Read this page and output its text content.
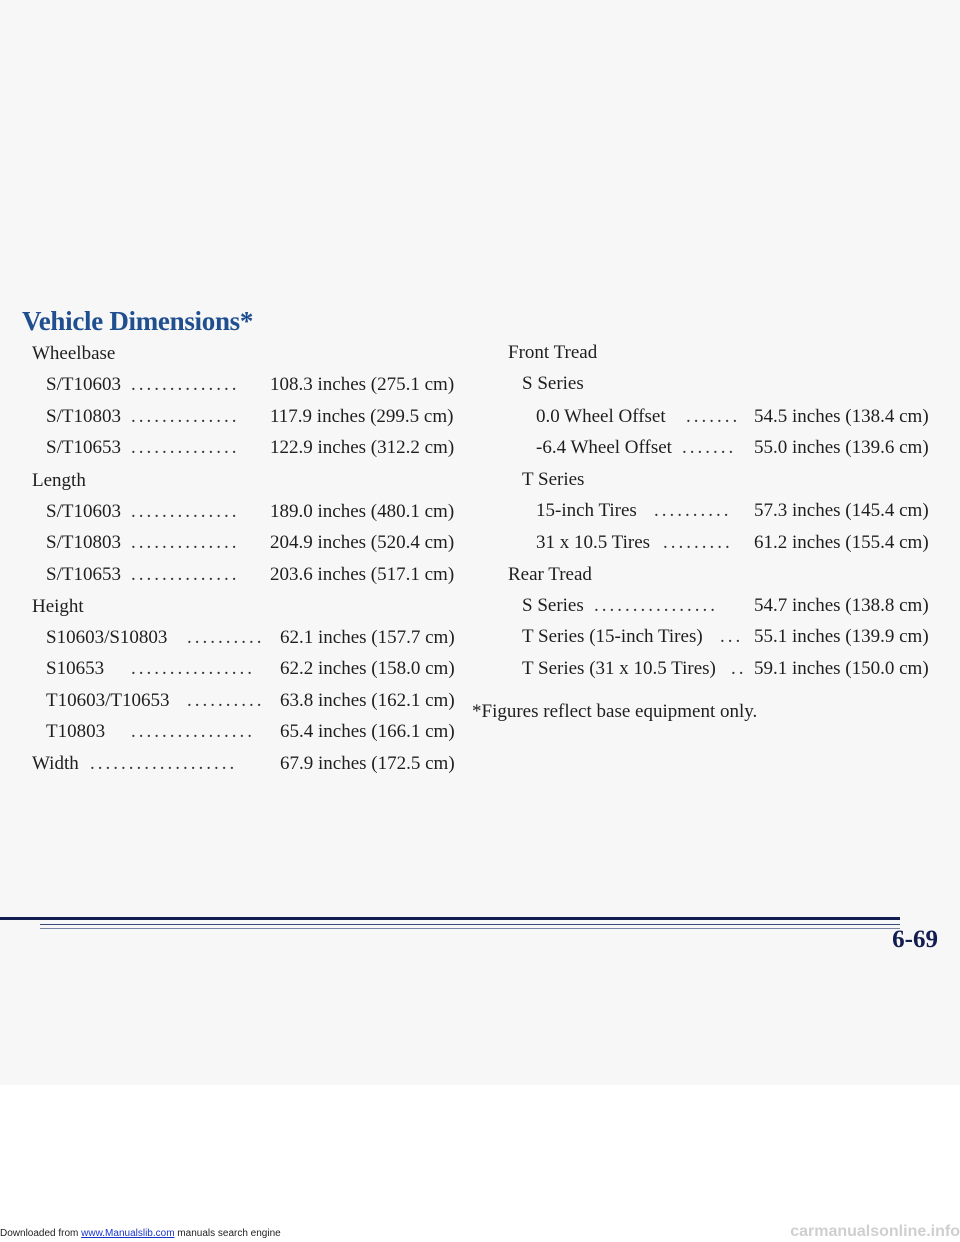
Vehicle Dimensions*
Wheelbase
S/T10603 ..............	108.3 inches (275.1 cm)
S/T10803 ..............	117.9 inches (299.5 cm)
S/T10653 ..............	122.9 inches (312.2 cm)
Length
S/T10603 ..............	189.0 inches (480.1 cm)
S/T10803 ..............	204.9 inches (520.4 cm)
S/T10653 ..............	203.6 inches (517.1 cm)
Height
S10603/S10803 .......... 62.1 inches (157.7 cm)
S10653 ................	62.2 inches (158.0 cm)
T10603/T10653 .......... 63.8 inches (162.1 cm)
T10803 ................	65.4 inches (166.1 cm)
Width ...................	67.9 inches (172.5 cm)
Front Tread
S Series
0.0 Wheel Offset ....... 54.5 inches (138.4 cm)
-6.4 Wheel Offset ....... 55.0 inches (139.6 cm)
T Series
15-inch Tires ..........	57.3 inches (145.4 cm)
31 x 10.5 Tires .........	61.2 inches (155.4 cm)
Rear Tread
S Series ................	54.7 inches (138.8 cm)
T Series (15-inch Tires) ... 55.1 inches (139.9 cm)
T Series (31 x 10.5 Tires) .. 59.1 inches (150.0 cm)
*Figures reflect base equipment only.
6-69
Downloaded from www.Manualslib.com manuals search engine	carmanualsonline.info
